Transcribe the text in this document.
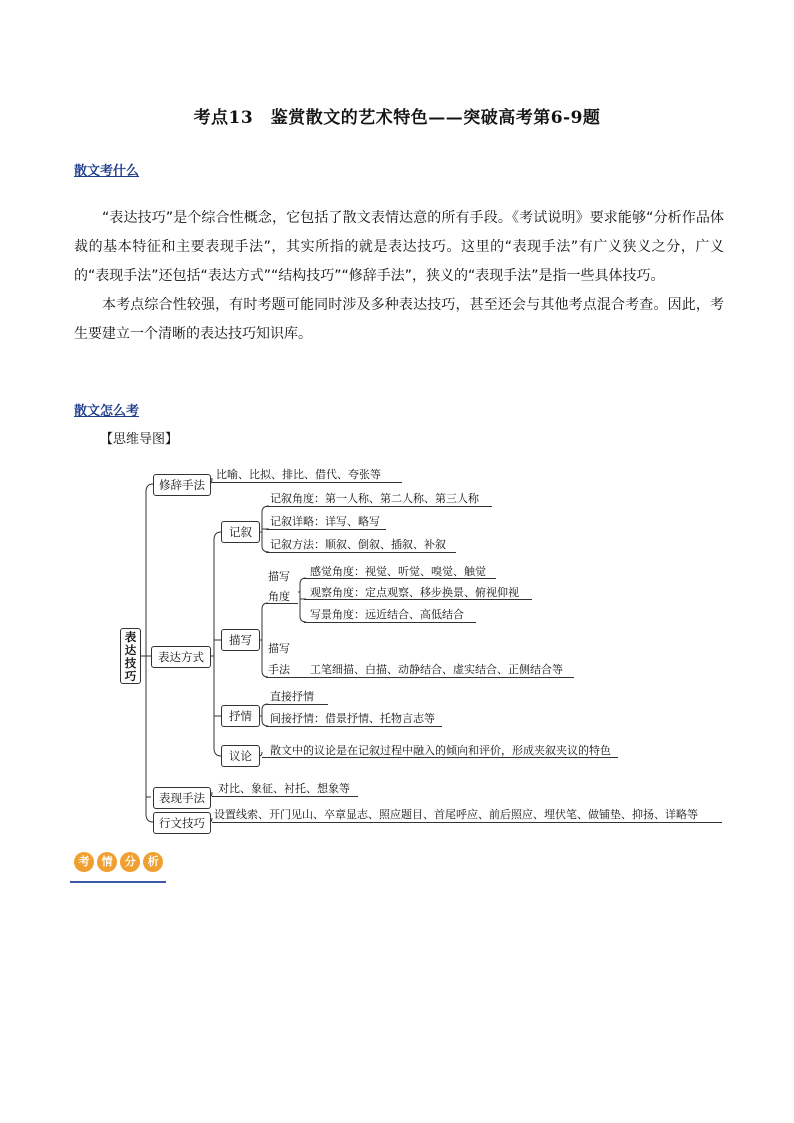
考点13　鉴赏散文的艺术特色——突破高考第6-9题
散文考什么

“表达技巧”是个综合性概念，它包括了散文表情达意的所有手段。《考试说明》要求能够“分析作品体裁的基本特征和主要表现手法”，其实所指的就是表达技巧。这里的“表现手法”有广义狭义之分，广义的“表现手法”还包括“表达方式”“结构技巧”“修辞手法”，狭义的“表现手法”是指一些具体技巧。

本考点综合性较强，有时考题可能同时涉及多种表达技巧，甚至还会与其他考点混合考查。因此，考生要建立一个清晰的表达技巧知识库。

散文怎么考
【思维导图】
表达技巧
修辞手法
比喻、比拟、排比、借代、夸张等
表达方式
表现手法
对比、象征、衬托、想象等
行文技巧
设置线索、开门见山、卒章显志、照应题目、首尾呼应、前后照应、埋伏笔、做铺垫、抑扬、详略等
记叙
记叙角度：第一人称、第二人称、第三人称
记叙详略：详写、略写
记叙方法：顺叙、倒叙、插叙、补叙
描写
描写
角度
感觉角度：视觉、听觉、嗅觉、触觉
观察角度：定点观察、移步换景、俯视仰视
写景角度：远近结合、高低结合
描写
手法 工笔细描、白描、动静结合、虚实结合、正侧结合等
抒情
直接抒情
间接抒情：借景抒情、托物言志等
议论	散文中的议论是在记叙过程中融入的倾向和评价，形成夹叙夹议的特色
考 情 分 析
